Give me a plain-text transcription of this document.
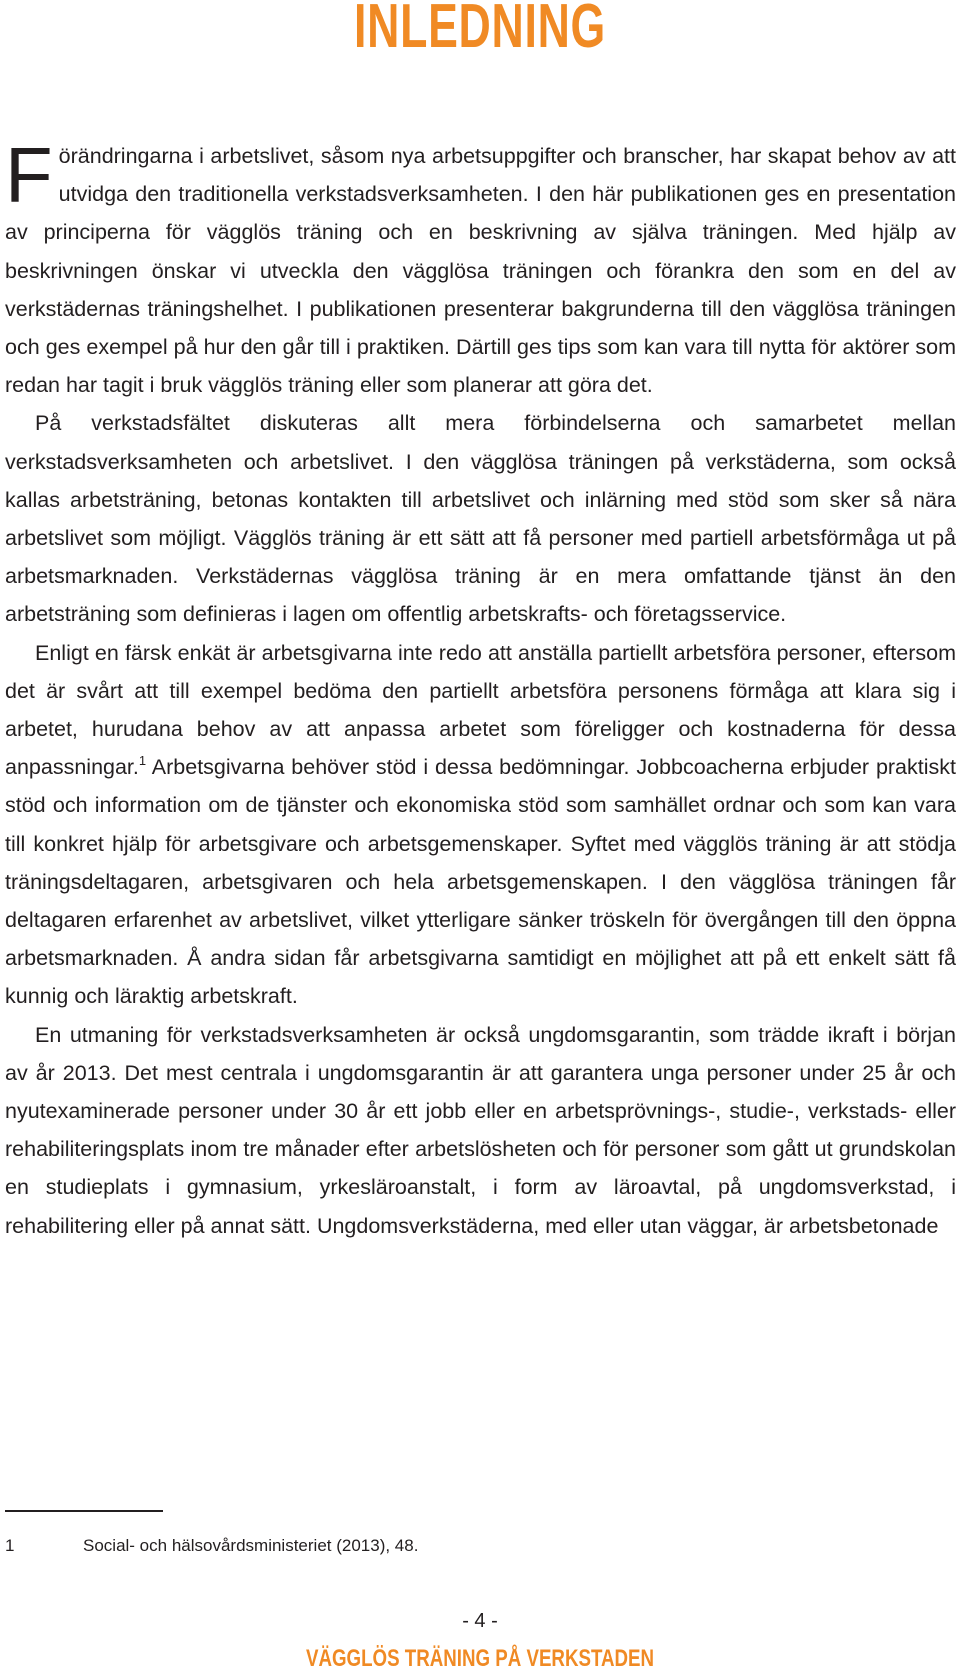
INLEDNING

Förändringarna i arbetslivet, såsom nya arbetsuppgifter och branscher, har skapat behov av att utvidga den traditionella verkstadsverksamheten. I den här publikationen ges en presentation av principerna för vägglös träning och en beskrivning av själva träningen. Med hjälp av beskrivningen önskar vi utveckla den vägglösa träningen och förankra den som en del av verkstädernas träningshelhet. I publikationen presenterar bakgrunderna till den vägglösa träningen och ges exempel på hur den går till i praktiken. Därtill ges tips som kan vara till nytta för aktörer som redan har tagit i bruk vägglös träning eller som planerar att göra det.

På verkstadsfältet diskuteras allt mera förbindelserna och samarbetet mellan verkstadsverksamheten och arbetslivet. I den vägglösa träningen på verkstäderna, som också kallas arbetsträning, betonas kontakten till arbetslivet och inlärning med stöd som sker så nära arbetslivet som möjligt. Vägglös träning är ett sätt att få personer med partiell arbetsförmåga ut på arbetsmarknaden. Verkstädernas vägglösa träning är en mera omfattande tjänst än den arbetsträning som definieras i lagen om offentlig arbetskrafts- och företagsservice.

Enligt en färsk enkät är arbetsgivarna inte redo att anställa partiellt arbetsföra personer, eftersom det är svårt att till exempel bedöma den partiellt arbetsföra personens förmåga att klara sig i arbetet, hurudana behov av att anpassa arbetet som föreligger och kostnaderna för dessa anpassningar.$^1$ Arbetsgivarna behöver stöd i dessa bedömningar. Jobbcoacherna erbjuder praktiskt stöd och information om de tjänster och ekonomiska stöd som samhället ordnar och som kan vara till konkret hjälp för arbetsgivare och arbetsgemenskaper. Syftet med vägglös träning är att stödja träningsdeltagaren, arbetsgivaren och hela arbetsgemenskapen. I den vägglösa träningen får deltagaren erfarenhet av arbetslivet, vilket ytterligare sänker tröskeln för övergången till den öppna arbetsmarknaden. Å andra sidan får arbetsgivarna samtidigt en möjlighet att på ett enkelt sätt få kunnig och läraktig arbetskraft.

En utmaning för verkstadsverksamheten är också ungdomsgarantin, som trädde ikraft i början av år 2013. Det mest centrala i ungdomsgarantin är att garantera unga personer under 25 år och nyutexaminerade personer under 30 år ett jobb eller en arbetsprövnings-, studie-, verkstads- eller rehabiliteringsplats inom tre månader efter arbetslösheten och för personer som gått ut grundskolan en studieplats i gymnasium, yrkesläroanstalt, i form av läroavtal, på ungdomsverkstad, i rehabilitering eller på annat sätt. Ungdomsverkstäderna, med eller utan väggar, är arbetsbetonade

1	Social- och hälsovårdsministeriet (2013), 48.
- 4 -
VÄGGLÖS TRÄNING PÅ VERKSTADEN
